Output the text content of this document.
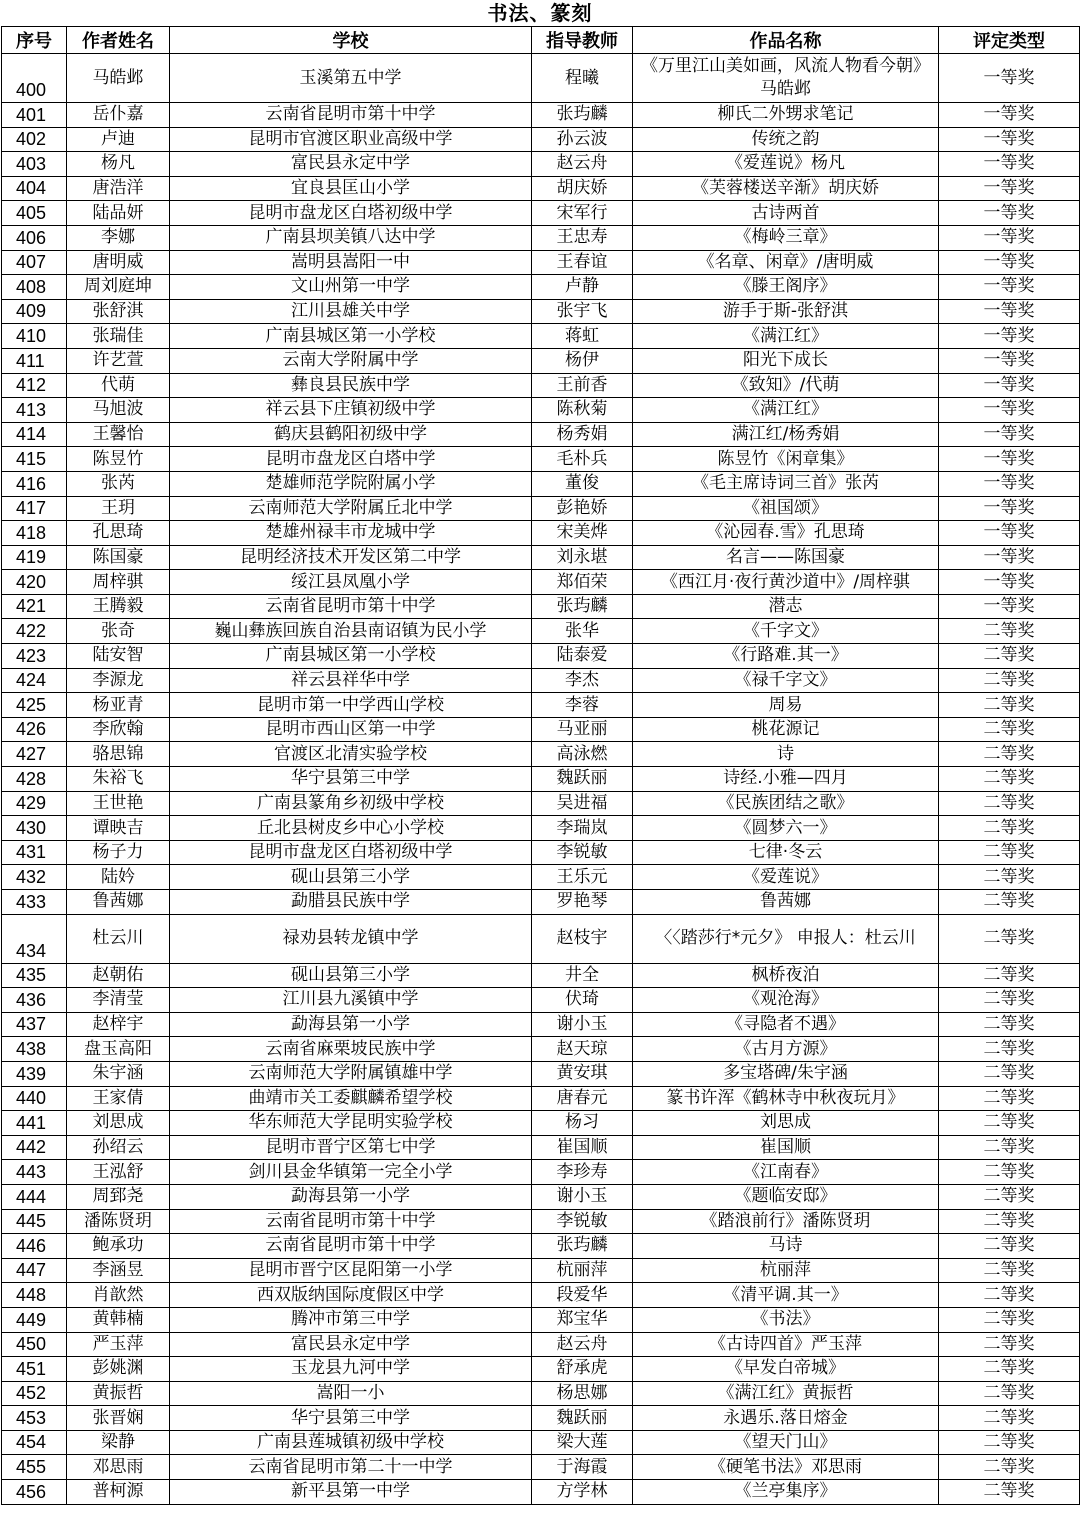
书法、篆刻
序号	作者姓名	学校	指导教师	作品名称	评定类型
400	马皓邺	玉溪第五中学	程曦	《万里江山美如画，风流人物看今朝》马皓邺	一等奖
401	岳仆嘉	云南省昆明市第十中学	张玙麟	柳氏二外甥求笔记	一等奖
402	卢迪	昆明市官渡区职业高级中学	孙云波	传统之韵	一等奖
403	杨凡	富民县永定中学	赵云舟	《爱莲说》杨凡	一等奖
404	唐浩洋	宜良县匡山小学	胡庆娇	《芙蓉楼送辛渐》胡庆娇	一等奖
405	陆品妍	昆明市盘龙区白塔初级中学	宋军行	古诗两首	一等奖
406	李娜	广南县坝美镇八达中学	王忠寿	《梅岭三章》	一等奖
407	唐明威	嵩明县嵩阳一中	王春谊	《名章、闲章》/唐明威	一等奖
408	周刘庭坤	文山州第一中学	卢静	《滕王阁序》	一等奖
409	张舒淇	江川县雄关中学	张宇飞	游手于斯-张舒淇	一等奖
410	张瑞佳	广南县城区第一小学校	蒋虹	《满江红》	一等奖
411	许艺萱	云南大学附属中学	杨伊	阳光下成长	一等奖
412	代萌	彝良县民族中学	王前香	《致知》/代萌	一等奖
413	马旭波	祥云县下庄镇初级中学	陈秋菊	《满江红》	一等奖
414	王馨怡	鹤庆县鹤阳初级中学	杨秀娟	满江红/杨秀娟	一等奖
415	陈昱竹	昆明市盘龙区白塔中学	毛朴兵	陈昱竹《闲章集》	一等奖
416	张芮	楚雄师范学院附属小学	董俊	《毛主席诗词三首》张芮	一等奖
417	王玥	云南师范大学附属丘北中学	彭艳娇	《祖国颂》	一等奖
418	孔思琦	楚雄州禄丰市龙城中学	宋美烨	《沁园春.雪》孔思琦	一等奖
419	陈国豪	昆明经济技术开发区第二中学	刘永堪	名言——陈国豪	一等奖
420	周梓骐	绥江县凤凰小学	郑佰荣	《西江月·夜行黄沙道中》/周梓骐	一等奖
421	王腾毅	云南省昆明市第十中学	张玙麟	潜志	一等奖
422	张奇	巍山彝族回族自治县南诏镇为民小学	张华	《千字文》	二等奖
423	陆安智	广南县城区第一小学校	陆泰爱	《行路难.其一》	二等奖
424	李源龙	祥云县祥华中学	李杰	《禄千字文》	二等奖
425	杨亚青	昆明市第一中学西山学校	李蓉	周易	二等奖
426	李欣翰	昆明市西山区第一中学	马亚丽	桃花源记	二等奖
427	骆思锦	官渡区北清实验学校	高泳燃	诗	二等奖
428	朱裕飞	华宁县第三中学	魏跃丽	诗经.小雅—四月	二等奖
429	王世艳	广南县篆角乡初级中学校	吴进福	《民族团结之歌》	二等奖
430	谭映吉	丘北县树皮乡中心小学校	李瑞岚	《圆梦六一》	二等奖
431	杨子力	昆明市盘龙区白塔初级中学	李锐敏	七律·冬云	二等奖
432	陆妗	砚山县第三小学	王乐元	《爱莲说》	二等奖
433	鲁茜娜	勐腊县民族中学	罗艳琴	鲁茜娜	二等奖
434	杜云川	禄劝县转龙镇中学	赵枝宇	〈〈踏莎行*元夕》 申报人：杜云川	二等奖
435	赵朝佑	砚山县第三小学	井全	枫桥夜泊	二等奖
436	李清莹	江川县九溪镇中学	伏琦	《观沧海》	二等奖
437	赵梓宇	勐海县第一小学	谢小玉	《寻隐者不遇》	二等奖
438	盘玉高阳	云南省麻栗坡民族中学	赵天琼	《古月方源》	二等奖
439	朱宇涵	云南师范大学附属镇雄中学	黄安琪	多宝塔碑/朱宇涵	二等奖
440	王家倩	曲靖市关工委麒麟希望学校	唐春元	篆书许浑《鹤林寺中秋夜玩月》	二等奖
441	刘思成	华东师范大学昆明实验学校	杨习	刘思成	二等奖
442	孙绍云	昆明市晋宁区第七中学	崔国顺	崔国顺	二等奖
443	王泓舒	剑川县金华镇第一完全小学	李珍寿	《江南春》	二等奖
444	周郅尧	勐海县第一小学	谢小玉	《题临安邸》	二等奖
445	潘陈贤玥	云南省昆明市第十中学	李锐敏	《踏浪前行》潘陈贤玥	二等奖
446	鲍承功	云南省昆明市第十中学	张玙麟	马诗	二等奖
447	李涵昱	昆明市晋宁区昆阳第一小学	杭丽萍	杭丽萍	二等奖
448	肖歆然	西双版纳国际度假区中学	段爱华	《清平调.其一》	二等奖
449	黄韩楠	腾冲市第三中学	郑宝华	《书法》	二等奖
450	严玉萍	富民县永定中学	赵云舟	《古诗四首》严玉萍	二等奖
451	彭姚渊	玉龙县九河中学	舒承虎	《早发白帝城》	二等奖
452	黄振哲	嵩阳一小	杨思娜	《满江红》黄振哲	二等奖
453	张晋娴	华宁县第三中学	魏跃丽	永遇乐.落日熔金	二等奖
454	梁静	广南县莲城镇初级中学校	梁大莲	《望天门山》	二等奖
455	邓思雨	云南省昆明市第二十一中学	于海霞	《硬笔书法》邓思雨	二等奖
456	普柯源	新平县第一中学	方学林	《兰亭集序》	二等奖
